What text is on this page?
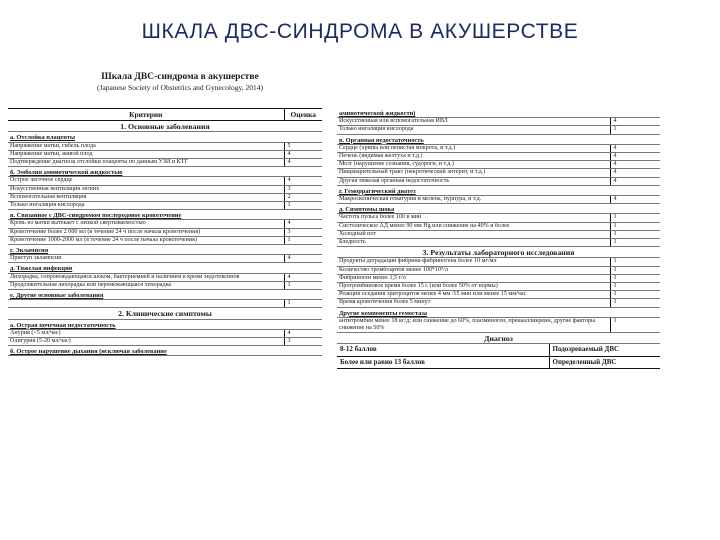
ШКАЛА ДВС-СИНДРОМА В АКУШЕРСТВЕ
Шкала ДВС-синдрома в акушерстве
(Japanese Society of Obstetrics and Gynecology, 2014)
Критерии	Оценка
1. Основные заболевания	
а. Отслойка плаценты	
Напряжение матки, гибель плода	5
Напряжение матки, живой плод	4
Подтверждение диагноза отслойки плаценты по данным УЗИ и КТГ	4
б. Эмболия амниотической жидкостью	
Острое легочное сердце	4
Искусственная вентиляция легких	3
Вспомогательная вентиляция	2
Только ингаляция кислорода	1
в. Связанное с ДВС-синдромом послеродовое кровотечение	
Кровь из матки вытекает с низкой свертываемостью	4
Кровотечение более 2 000 мл (в течение 24 ч после начала кровотечения)	3
Кровотечение 1000-2000 мл (в течение 24 ч после начала кровотечения)	1
г. Эклампсия	
Приступ эклампсии	4
д. Тяжелая инфекция	
Лихорадка, сопровождающаяся шоком, бактериемией и наличием в крови эндотоксинов	4
Продолжительная лихорадка или перемежающаяся лихорадка	1
е. Другие основные заболевания	
	1
2. Клинические симптомы	
а. Острая почечная недостаточность	
Анурия (<5 мл/час)	4
Олигурия (5-20 мл/час)	3
б. Острое нарушение дыхания (исключая заболевание	
амниотической жидкости)		
Искусственная или вспомогательная ИВЛ		4
Только ингаляция кислорода		1
в. Органная недостаточность		
Сердце (хрипы или пенистая мокрота, и т.д.)		4
Печень (видимая желтуха и т.д.)		4
Мозг (нарушение сознания, судороги, и т.д.)		4
Пищеварительный тракт (некротический энтерит, и т.д.)		4
Другая тяжелая органная недостаточность		4
г. Геморрагический диатез		
Макроскопическая гематурия и мелена, пурпура, и т.д.		4
д. Симптомы шока		
Частота пульса более 100 в мин		1
Систолическое АД менее 90 мм Hg или снижение на 40% и более		1
Холодный пот		1
Бледность		1
3. Результаты лабораторного исследования		
Продукты деградации фибрина-фибриногена более 10 мг/мл		1
Количество тромбоцитов менее 100*10⁹/л		1
Фибриноген менее 1,5 г/л		1
Протромбиновое время более 15 с (или более 50% от нормы)		1
Реакция оседания эритроцитов менее 4 мм /15 мин или менее 15 мм/час		1
Время кровотечения более 5 минут		1
Другие компоненты гемостаза		
антитромбин менее 18 кг/д; или снижение до 60%, плазминоген, преккалликреин, другие факторы снижение на 50%		1
Диагноз		
8-12 баллов	Подозреваемый ДВС	
Более или равно 13 баллов	Определенный ДВС	
